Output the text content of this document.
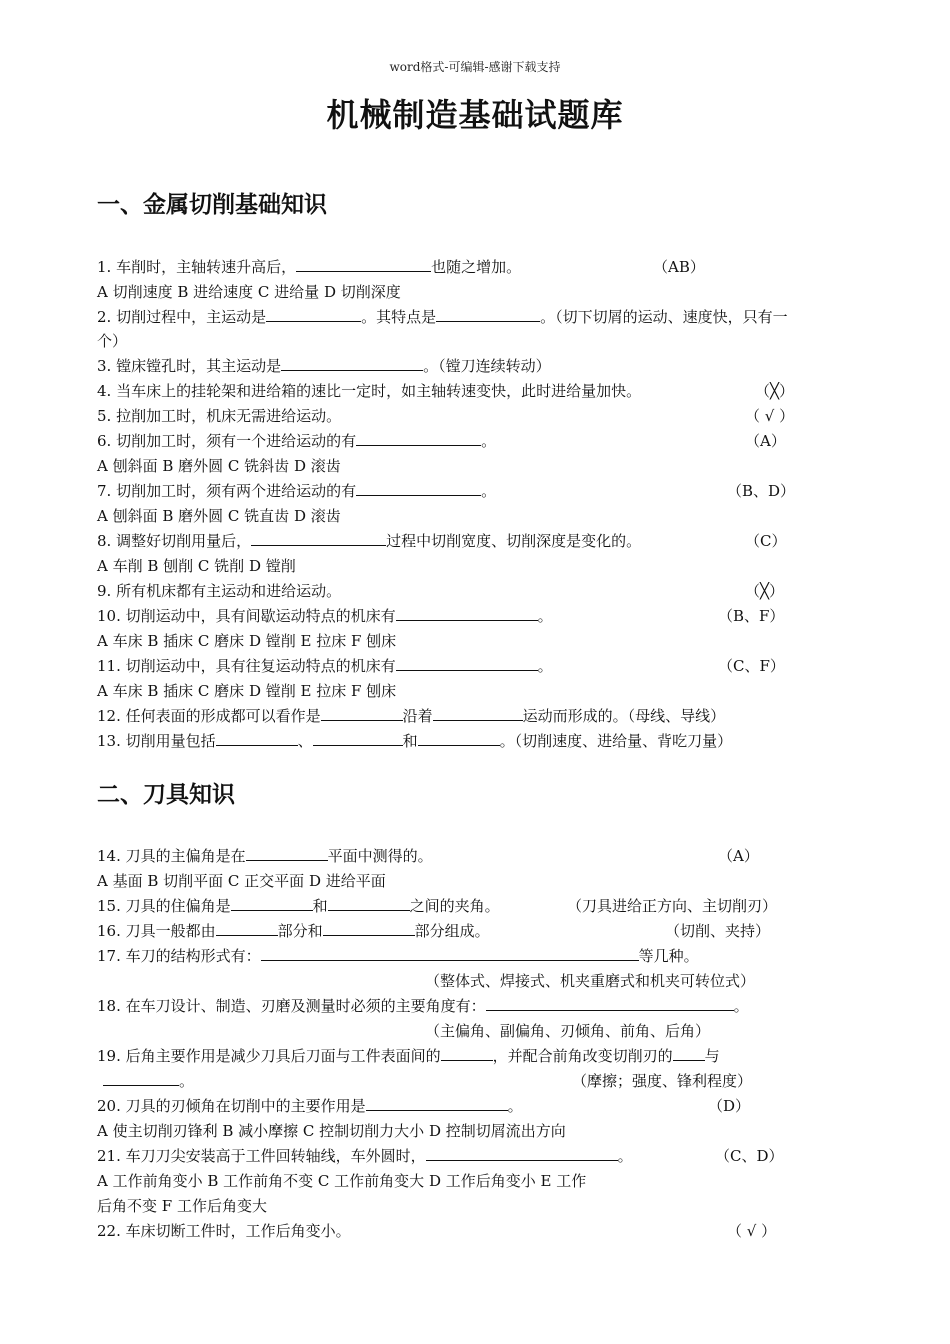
word格式-可编辑-感谢下载支持
机械制造基础试题库
一、金属切削基础知识
1. 车削时，主轴转速升高后，	也随之增加。	（AB）
A 切削速度 B 进给速度 C 进给量 D 切削深度
2. 切削过程中，主运动是	。其特点是	。（切下切屑的运动、速度快，只有一
个）
3. 镗床镗孔时，其主运动是	。（镗刀连续转动）
4. 当车床上的挂轮架和进给箱的速比一定时，如主轴转速变快，此时进给量加快。	（╳）
5. 拉削加工时，机床无需进给运动。	（ √ ）
6. 切削加工时，须有一个进给运动的有	。	（A）
A 刨斜面 B 磨外圆 C 铣斜齿 D 滚齿
7. 切削加工时，须有两个进给运动的有	。	（B、D）
A 刨斜面 B 磨外圆 C 铣直齿 D 滚齿
8. 调整好切削用量后，	过程中切削宽度、切削深度是变化的。	（C）
A 车削 B 刨削 C 铣削 D 镗削
9. 所有机床都有主运动和进给运动。	（╳）
10. 切削运动中，具有间歇运动特点的机床有	。	（B、F）
A 车床 B 插床 C 磨床 D 镗削 E 拉床 F 刨床
11. 切削运动中，具有往复运动特点的机床有	。	（C、F）
A 车床 B 插床 C 磨床 D 镗削 E 拉床 F 刨床
12. 任何表面的形成都可以看作是	沿着	运动而形成的。（母线、导线）
13. 切削用量包括	、	和	。（切削速度、进给量、背吃刀量）
二、刀具知识
14. 刀具的主偏角是在	平面中测得的。	（A）
A 基面 B 切削平面 C 正交平面 D 进给平面
15. 刀具的住偏角是	和	之间的夹角。	（刀具进给正方向、主切削刃）
16. 刀具一般都由	部分和	部分组成。	（切削、夹持）
17. 车刀的结构形式有：	等几种。
（整体式、焊接式、机夹重磨式和机夹可转位式）
18. 在车刀设计、制造、刃磨及测量时必须的主要角度有：	。
（主偏角、副偏角、刃倾角、前角、后角）
19. 后角主要作用是减少刀具后刀面与工件表面间的	，并配合前角改变切削刃的 与
。	（摩擦；强度、锋利程度）
20. 刀具的刃倾角在切削中的主要作用是	。	（D）
A 使主切削刃锋利 B 减小摩擦 C 控制切削力大小 D 控制切屑流出方向
21. 车刀刀尖安装高于工件回转轴线，车外圆时，	。	（C、D）
A 工作前角变小 B 工作前角不变 C 工作前角变大 D 工作后角变小 E 工作
后角不变 F 工作后角变大
22. 车床切断工件时，工作后角变小。	（ √ ）
